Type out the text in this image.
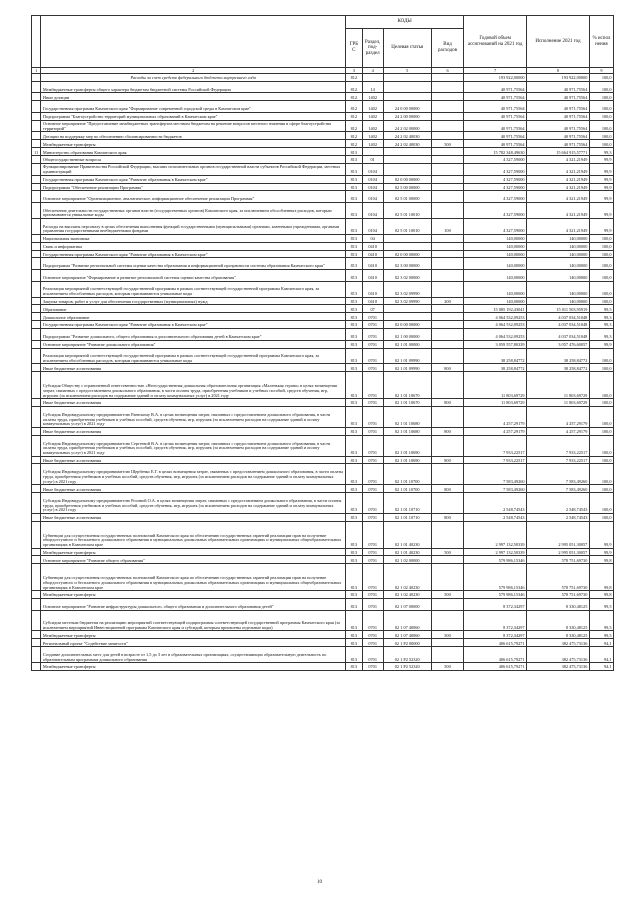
		КОДЫ				Годовой объем ассигнований на 2021 год	Исполнение 2021 год	% испол нения
		ГРБ С	Раздел, под- раздел	Целевая статья	Вид расходов			
1	2	3	4	5	6	7	8	9
	Расходы за счет средств федерального бюджета внутреннего года	812				193 922,00000	193 922,00000	100,0
	Межбюджетные трансферты общего характера бюджетам бюджетной системы Российской Федерации	812	14			40 971,75564	40 971,75564	100,0
	Иные дотации	812	1402			40 971,75564	40 971,75564	100,0
	Государственная программа Камчатского края "Формирование современной городской среды в Камчатском крае"	812	1402	24 0 00 00000		40 971,75564	40 971,75564	100,0
	Подпрограмма "Благоустройство территорий муниципальных образований в Камчатском крае"	812	1402	24 2 00 00000		40 971,75564	40 971,75564	100,0
	Основное мероприятие "Предоставление межбюджетных трансфертов местным бюджетам на решение вопросов местного значения в сфере благоустройства территорий"	812	1402	24 2 02 00000		40 971,75564	40 971,75564	100,0
	Дотации на поддержку мер по обеспечению сбалансированности бюджетов	812	1402	24 2 02 40030		40 971,75564	40 971,75564	100,0
	Межбюджетные трансферты	812	1402	24 2 02 40030	500	40 971,75564	40 971,75564	100,0
11	Министерство образования Камчатского края	813				15 782 348,49630	15 664 915,57771	99,3
	Общегосударственные вопросы	813	01			4 327,59000	4 321,21949	99,9
	Функционирование Правительства Российской Федерации, высших исполнительных органов государственной власти субъектов Российской Федерации, местных администраций	813	0104			4 327,59000	4 321,21949	99,9
	Государственная программа Камчатского края "Развитие образования в Камчатском крае"	813	0104	02 0 00 00000		4 327,59000	4 321,21949	99,9
	Подпрограмма "Обеспечение реализации Программы"	813	0104	02 5 00 00000		4 327,59000	4 321,21949	99,9
	Основное мероприятие "Организационное, аналитическое, информационное обеспечение реализации Программы"	813	0104	02 5 01 00000		4 327,59000	4 321,21949	99,9
	Обеспечение деятельности государственных органов власти (государственных органов) Камчатского края, за исключением обособленных расходов, которым присваиваются уникальные коды	813	0104	02 5 01 10010		4 327,59000	4 321,21949	99,9
	Расходы на выплаты персоналу в целях обеспечения выполнения функций государственными (муниципальными) органами, казенными учреждениями, органами управления государственными внебюджетными фондами	813	0104	02 5 01 10010	100	4 327,59000	4 321,21949	99,9
	Национальная экономика	813	04			140,00000	140,00000	100,0
	Связь и информатика	813	0410			140,00000	140,00000	100,0
	Государственная программа Камчатского края "Развитие образования в Камчатском крае"	813	0410	02 0 00 00000		140,00000	140,00000	100,0
	Подпрограмма "Развитие региональной системы оценки качества образования и информационной прозрачности системы образования Камчатского края"	813	0410	02 3 00 00000		140,00000	140,00000	100,0
	Основное мероприятие "Формирование и развитие региональной системы оценки качества образования"	813	0410	02 3 02 00000		140,00000	140,00000	100,0
	Реализация мероприятий соответствующей государственной программы в рамках соответствующей государственной программы Камчатского края, за исключением обособленных расходов, которым присваиваются уникальные коды	813	0410	02 3 02 09990		140,00000	140,00000	100,0
	Закупка товаров, работ и услуг для обеспечения государственных (муниципальных) нужд	813	0410	02 3 02 09990	200	140,00000	140,00000	100,0
	Образование	813	07			15 085 192,43041	15 011 503,95919	99,5
	Дошкольное образование	813	0701			4 064 532,09253	4 037 034,51048	99,3
	Государственная программа Камчатского края "Развитие образования в Камчатском крае"	813	0701	02 0 00 00000		4 064 532,09253	4 037 034,51048	99,3
	Подпрограмма "Развитие дошкольного, общего образования и дополнительного образования детей в Камчатском крае"	813	0701	02 1 00 00000		4 064 532,09253	4 037 034,51048	99,3
	Основное мероприятие "Развитие дошкольного образования"	813	0701	02 1 01 00000		3 059 557,80339	3 057 476,60057	99,9
	Реализация мероприятий соответствующей государственной программы в рамках соответствующей государственной программы Камчатского края, за исключением обособленных расходов, которым присваиваются уникальные коды	813	0701	02 1 01 09990		38 258,84772	38 258,84772	100,0
	Иные бюджетные ассигнования	813	0701	02 1 01 09990	800	38 258,84772	38 258,84772	100,0
	Субсидия Обществу с ограниченной ответственностью «Негосударственная дошкольная образовательная организация «Маленькая страна» в целях возмещения затрат, связанных с предоставлением дошкольного образования, в части оплаты труда, приобретения учебников и учебных пособий, средств обучения, игр, игрушек (за исключением расходов на содержание зданий и оплату коммунальных услуг) в 2021 году	813	0701	02 1 01 10670		11 803,69729	11 803,69729	100,0
	Иные бюджетные ассигнования	813	0701	02 1 01 10670	800	11 803,69729	11 803,69729	100,0
	Субсидия Индивидуальному предпринимателю Раевскому В.А. в целях возмещения затрат, связанных с предоставлением дошкольного образования, в части оплаты труда, приобретения учебников и учебных пособий, средств обучения, игр, игрушек (за исключением расходов на содержание зданий и оплату коммунальных услуг) в 2021 году	813	0701	02 1 01 10680		4 257,29179	4 257,29179	100,0
	Иные бюджетные ассигнования	813	0701	02 1 01 10680	800	4 257,29179	4 257,29179	100,0
	Субсидия Индивидуальному предпринимателю Сергеевой В.А. в целях возмещения затрат, связанных с предоставлением дошкольного образования, в части оплаты труда, приобретения учебников и учебных пособий, средств обучения, игр, игрушек (за исключением расходов на содержание зданий и оплату коммунальных услуг) в 2021 году	813	0701	02 1 01 10690		7 933,22517	7 933,22517	100,0
	Иные бюджетные ассигнования	813	0701	02 1 01 10690	800	7 933,22517	7 933,22517	100,0
	Субсидия Индивидуальному предпринимателю Щербенко Е.Г. в целях возмещения затрат, связанных с предоставлением дошкольного образования, в части оплаты труда, приобретения учебников и учебных пособий, средств обучения, игр, игрушек (за исключением расходов на содержание зданий и оплату коммунальных услуг) в 2021 году	813	0701	02 1 01 10700		7 583,49260	7 583,49260	100,0
	Иные бюджетные ассигнования	813	0701	02 1 01 10700	800	7 583,49260	7 583,49260	100,0
	Субсидия Индивидуальному предпринимателю Росиной О.А. в целях возмещения затрат, связанных с предоставлением дошкольного образования, в части оплаты труда, приобретения учебников и учебных пособий, средств обучения, игр, игрушек (за исключением расходов на содержание зданий и оплату коммунальных услуг) в 2021 году	813	0701	02 1 01 10710		2 548,74543	2 548,74543	100,0
	Иные бюджетные ассигнования	813	0701	02 1 01 10710	800	2 548,74543	2 548,74543	100,0
	Субвенции для осуществления государственных полномочий Камчатского края по обеспечению государственных гарантий реализации прав на получение общедоступного и бесплатного дошкольного образования в муниципальных дошкольных образовательных организациях и муниципальных общеобразовательных организациях в Камчатском крае	813	0701	02 1 01 40230		2 997 132,50339	2 995 051,30057	99,9
	Межбюджетные трансферты	813	0701	02 1 01 40230	500	2 997 132,50339	2 995 051,30057	99,9
	Основное мероприятие "Развитие общего образования"	813	0701	02 1 02 00000		579 986,15346	578 751,69730	99,8
	Субвенции для осуществления государственных полномочий Камчатского края по обеспечению государственных гарантий реализации прав на получение общедоступного и бесплатного дошкольного образования в муниципальных дошкольных образовательных организациях и муниципальных общеобразовательных организациях в Камчатском крае	813	0701	02 1 02 40230		579 986,15346	578 751,69730	99,8
	Межбюджетные трансферты	813	0701	02 1 02 40230	500	579 986,15346	578 751,69730	99,8
	Основное мероприятие "Развитие инфраструктуры дошкольного, общего образования и дополнительного образования детей"	813	0701	02 1 07 00000		8 372,34297	8 330,48125	99,5
	Субсидии местным бюджетам на реализацию мероприятий соответствующей подпрограммы соответствующей государственной программы Камчатского края (за исключением мероприятий Инвестиционной программы Камчатского края и субсидий, которым присвоены отдельные коды)	813	0701	02 1 07 40060		8 372,34297	8 330,48125	99,5
	Межбюджетные трансферты	813	0701	02 1 07 40060	500	8 372,34297	8 330,48125	99,5
	Региональный проект "Содействие занятости"	813	0701	02 1 P2 00000		406 615,79271	382 475,73136	94,1
	Создание дополнительных мест для детей в возрасте от 1,5 до 3 лет в образовательных организациях, осуществляющих образовательную деятельность по образовательным программам дошкольного образования	813	0701	02 1 P2 52320		406 615,79271	382 475,73136	94,1
	Межбюджетные трансферты	813	0701	02 1 P2 52320	500	406 615,79271	382 475,73136	94,1
10
